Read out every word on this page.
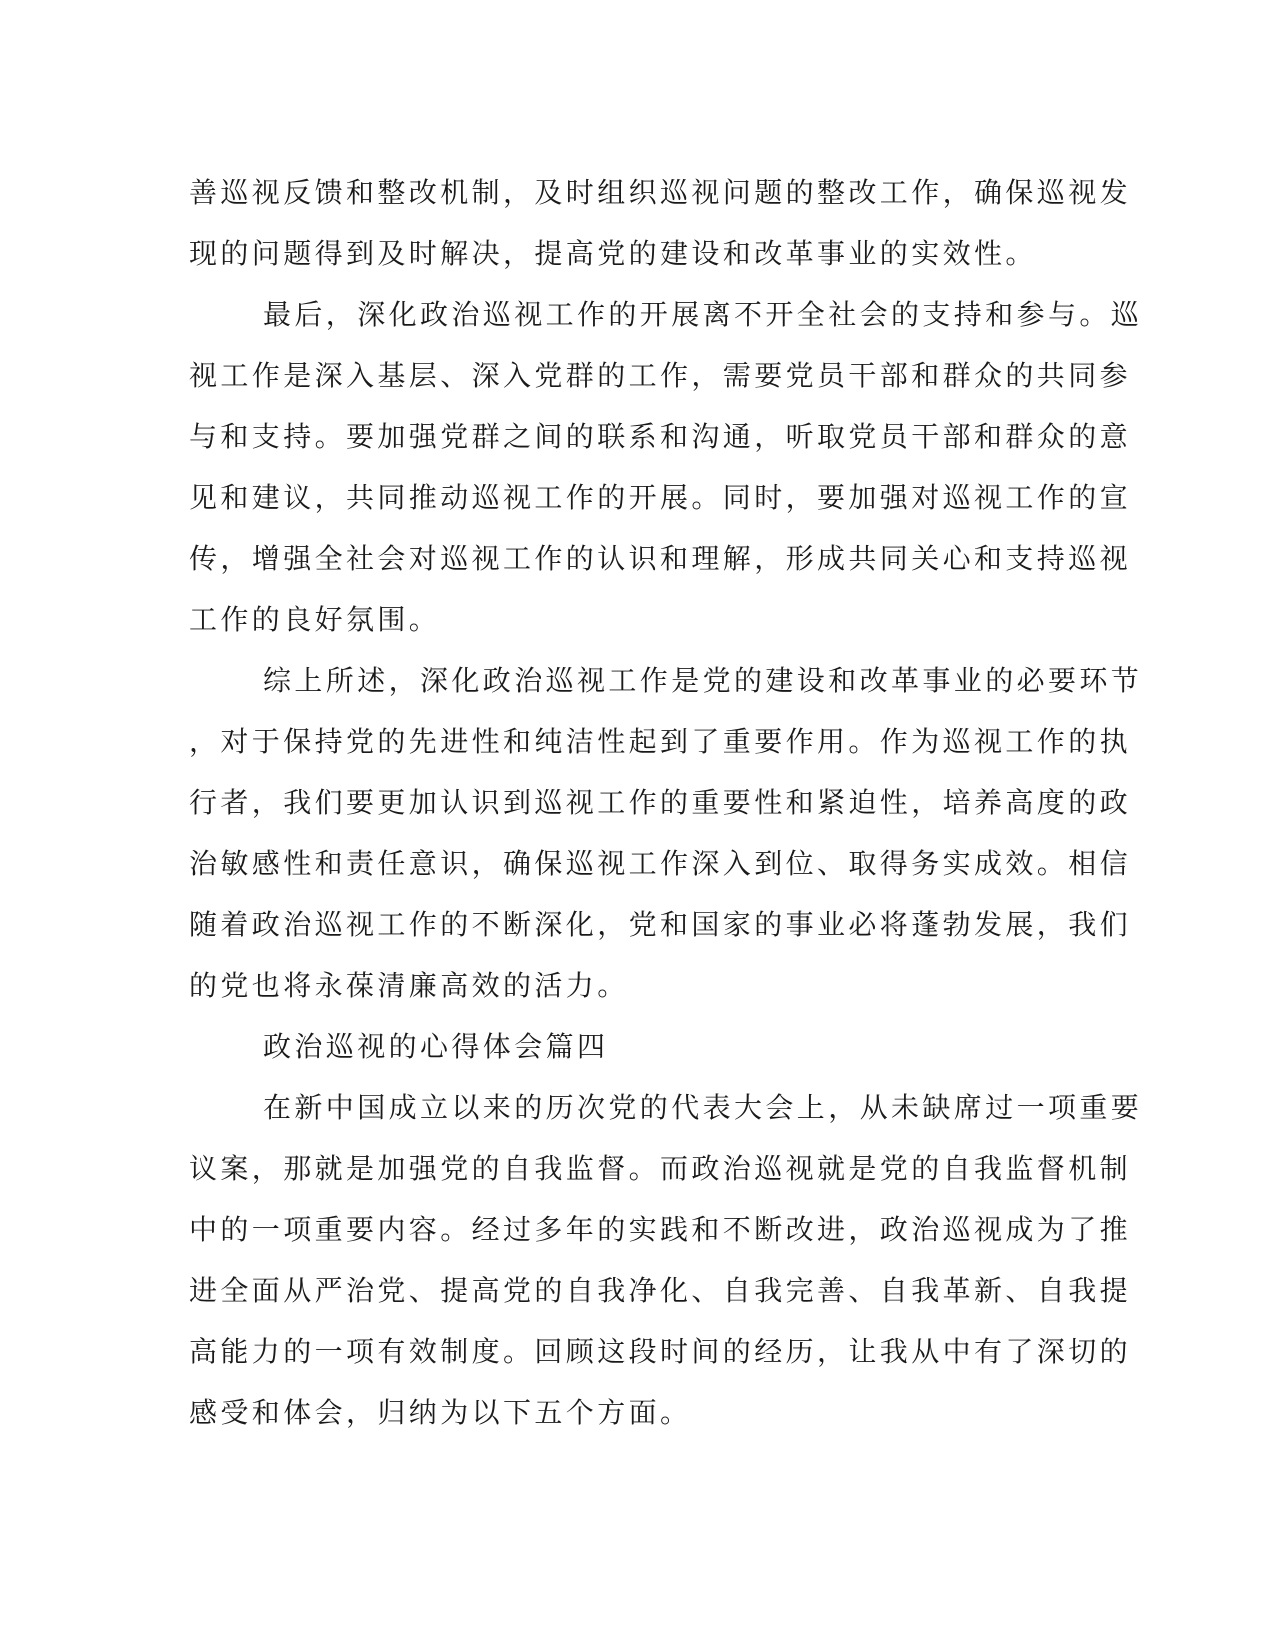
善巡视反馈和整改机制，及时组织巡视问题的整改工作，确保巡视发
现的问题得到及时解决，提高党的建设和改革事业的实效性。
最后，深化政治巡视工作的开展离不开全社会的支持和参与。巡
视工作是深入基层、深入党群的工作，需要党员干部和群众的共同参
与和支持。要加强党群之间的联系和沟通，听取党员干部和群众的意
见和建议，共同推动巡视工作的开展。同时，要加强对巡视工作的宣
传，增强全社会对巡视工作的认识和理解，形成共同关心和支持巡视
工作的良好氛围。
综上所述，深化政治巡视工作是党的建设和改革事业的必要环节
，对于保持党的先进性和纯洁性起到了重要作用。作为巡视工作的执
行者，我们要更加认识到巡视工作的重要性和紧迫性，培养高度的政
治敏感性和责任意识，确保巡视工作深入到位、取得务实成效。相信
随着政治巡视工作的不断深化，党和国家的事业必将蓬勃发展，我们
的党也将永葆清廉高效的活力。
政治巡视的心得体会篇四
在新中国成立以来的历次党的代表大会上，从未缺席过一项重要
议案，那就是加强党的自我监督。而政治巡视就是党的自我监督机制
中的一项重要内容。经过多年的实践和不断改进，政治巡视成为了推
进全面从严治党、提高党的自我净化、自我完善、自我革新、自我提
高能力的一项有效制度。回顾这段时间的经历，让我从中有了深切的
感受和体会，归纳为以下五个方面。
